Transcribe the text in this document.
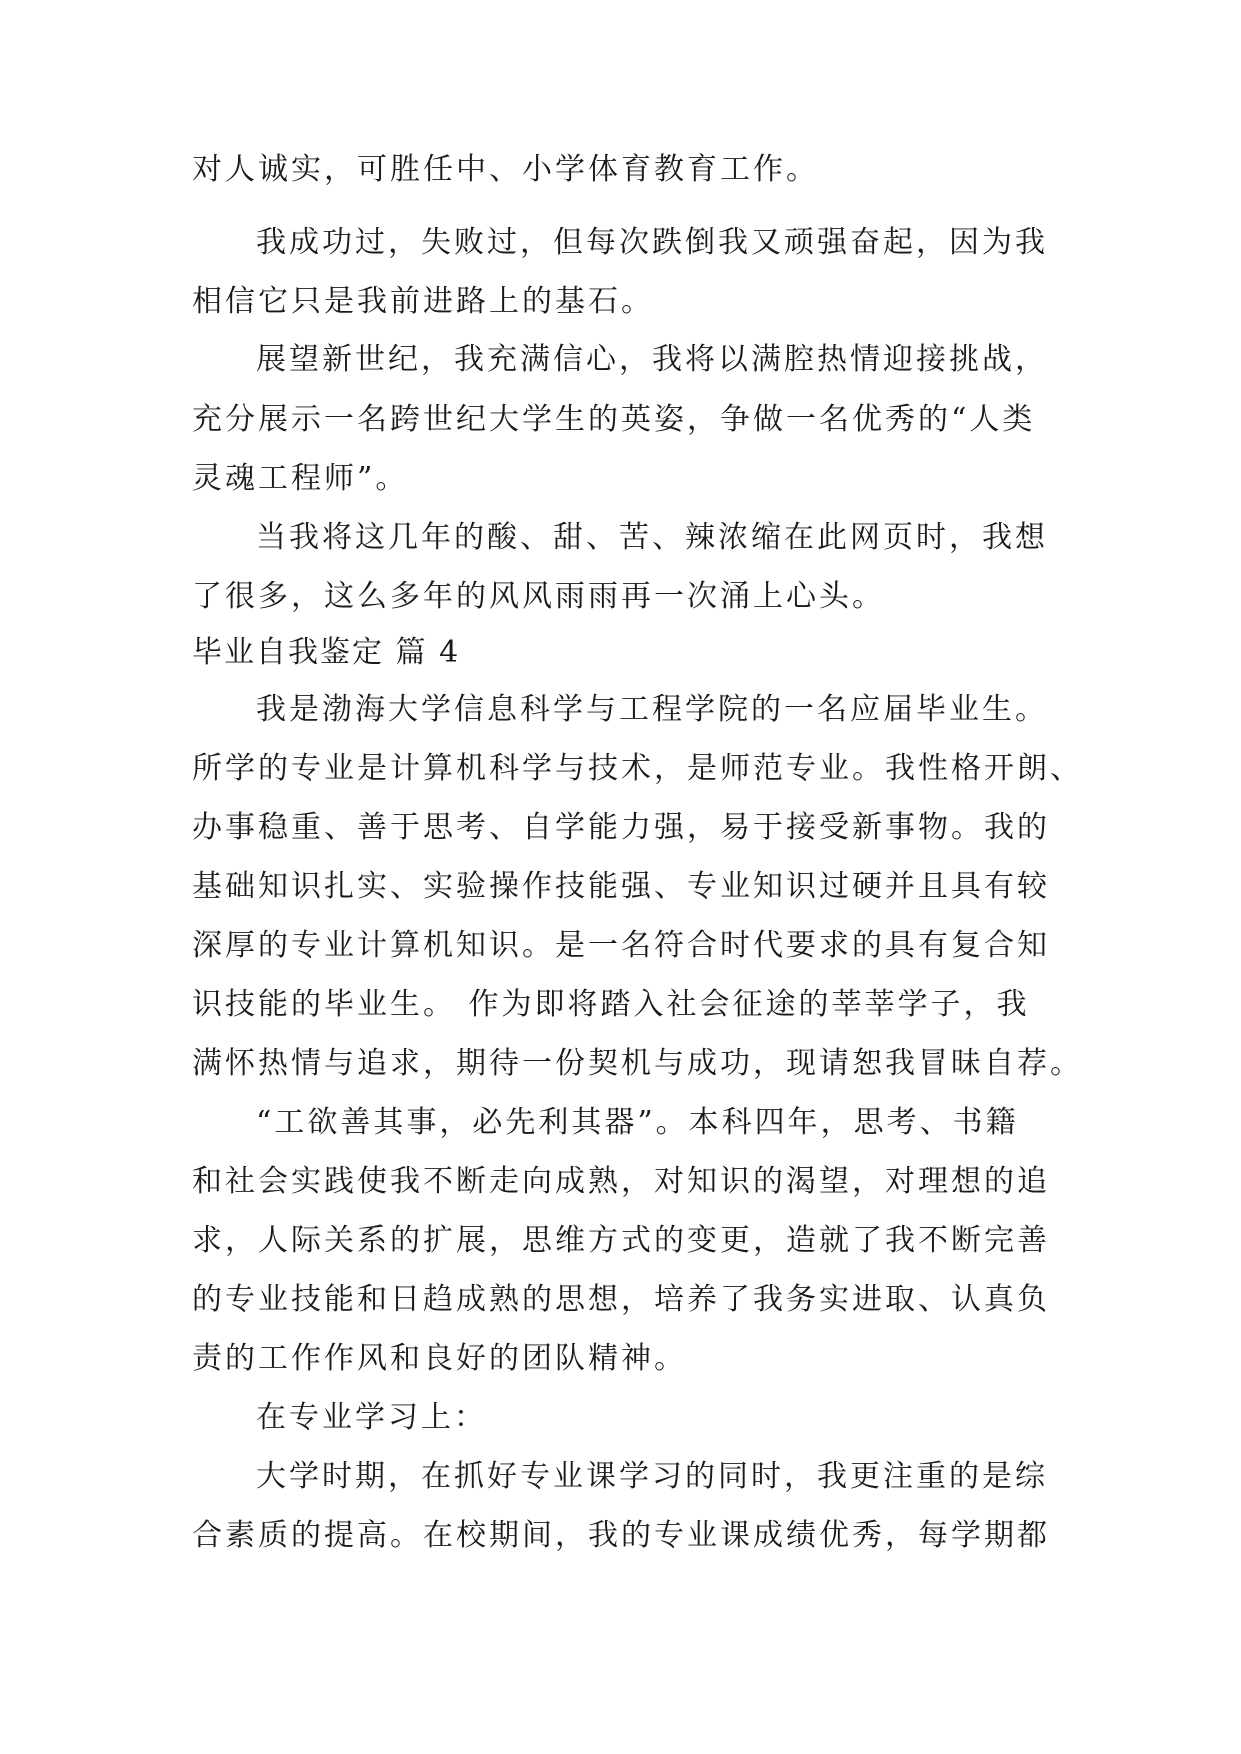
对人诚实，可胜任中、小学体育教育工作。
我成功过，失败过，但每次跌倒我又顽强奋起，因为我
相信它只是我前进路上的基石。
展望新世纪，我充满信心，我将以满腔热情迎接挑战，
充分展示一名跨世纪大学生的英姿，争做一名优秀的“人类
灵魂工程师”。
当我将这几年的酸、甜、苦、辣浓缩在此网页时，我想
了很多，这么多年的风风雨雨再一次涌上心头。
毕业自我鉴定 篇 4
我是渤海大学信息科学与工程学院的一名应届毕业生。
所学的专业是计算机科学与技术，是师范专业。我性格开朗、
办事稳重、善于思考、自学能力强，易于接受新事物。我的
基础知识扎实、实验操作技能强、专业知识过硬并且具有较
深厚的专业计算机知识。是一名符合时代要求的具有复合知
识技能的毕业生。 作为即将踏入社会征途的莘莘学子，我
满怀热情与追求，期待一份契机与成功，现请恕我冒昧自荐。
“工欲善其事，必先利其器”。本科四年，思考、书籍
和社会实践使我不断走向成熟，对知识的渴望，对理想的追
求，人际关系的扩展，思维方式的变更，造就了我不断完善
的专业技能和日趋成熟的思想，培养了我务实进取、认真负
责的工作作风和良好的团队精神。
在专业学习上：
大学时期，在抓好专业课学习的同时，我更注重的是综
合素质的提高。在校期间，我的专业课成绩优秀，每学期都
